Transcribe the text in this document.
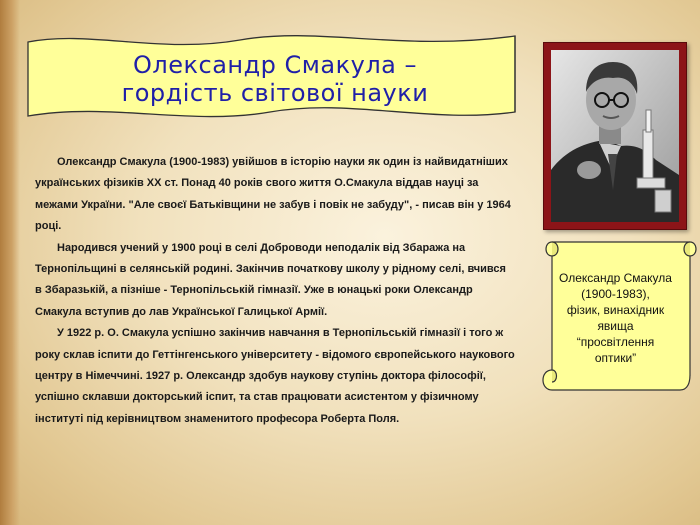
Олександр Смакула –
гордість світової науки

Олександр Смакула (1900-1983) увійшов в історію науки як один із найвидатніших українських фізиків XX ст. Понад 40 років свого життя О.Смакула віддав науці за межами України. "Але своєї Батьківщини не забув і повік не забуду", - писав він у 1964 році.

Народився учений у 1900 році в селі Доброводи неподалік від Збаража на Тернопільщині в селянській родині. Закінчив початкову школу у рідному селі, вчився в Збаразькій, а пізніше - Тернопільській гімназії. Уже в юнацькі роки Олександр Смакула вступив до лав Української Галицької Армії.

У 1922 р. О. Смакула успішно закінчив навчання в Тернопільській гімназії і того ж року склав іспити до Геттінгенського університету - відомого європейського наукового центру в Німеччині. 1927 р. Олександр здобув наукову ступінь доктора філософії, успішно склавши докторський іспит, та став працювати асистентом у фізичному інституті під керівництвом знаменитого професора Роберта Поля.

Олександр Смакула
(1900-1983),
фізик, винахідник
явища
“просвітлення
оптики”
